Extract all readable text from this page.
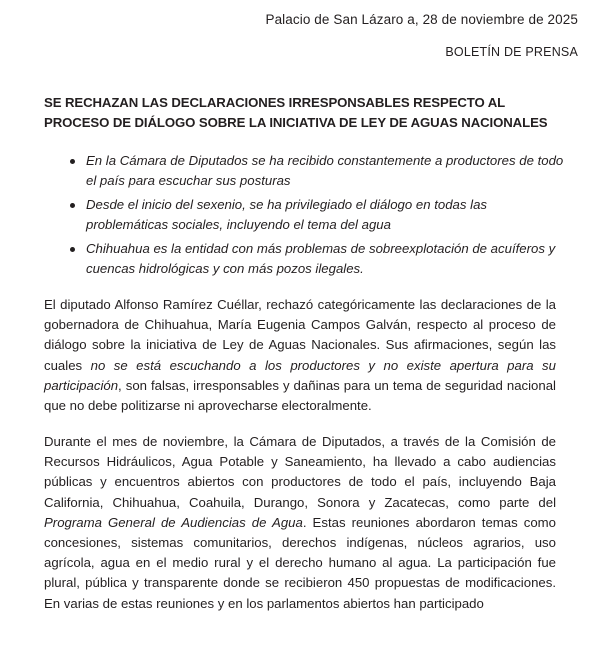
Palacio de San Lázaro a, 28 de noviembre de 2025
BOLETÍN DE PRENSA
SE RECHAZAN LAS DECLARACIONES IRRESPONSABLES RESPECTO AL PROCESO DE DIÁLOGO SOBRE LA INICIATIVA DE LEY DE AGUAS NACIONALES
En la Cámara de Diputados se ha recibido constantemente a productores de todo el país para escuchar sus posturas
Desde el inicio del sexenio, se ha privilegiado el diálogo en todas las problemáticas sociales, incluyendo el tema del agua
Chihuahua es la entidad con más problemas de sobreexplotación de acuíferos y cuencas hidrológicas y con más pozos ilegales.
El diputado Alfonso Ramírez Cuéllar, rechazó categóricamente las declaraciones de la gobernadora de Chihuahua, María Eugenia Campos Galván, respecto al proceso de diálogo sobre la iniciativa de Ley de Aguas Nacionales. Sus afirmaciones, según las cuales no se está escuchando a los productores y no existe apertura para su participación, son falsas, irresponsables y dañinas para un tema de seguridad nacional que no debe politizarse ni aprovecharse electoralmente.
Durante el mes de noviembre, la Cámara de Diputados, a través de la Comisión de Recursos Hidráulicos, Agua Potable y Saneamiento, ha llevado a cabo audiencias públicas y encuentros abiertos con productores de todo el país, incluyendo Baja California, Chihuahua, Coahuila, Durango, Sonora y Zacatecas, como parte del Programa General de Audiencias de Agua. Estas reuniones abordaron temas como concesiones, sistemas comunitarios, derechos indígenas, núcleos agrarios, uso agrícola, agua en el medio rural y el derecho humano al agua. La participación fue plural, pública y transparente donde se recibieron 450 propuestas de modificaciones. En varias de estas reuniones y en los parlamentos abiertos han participado
